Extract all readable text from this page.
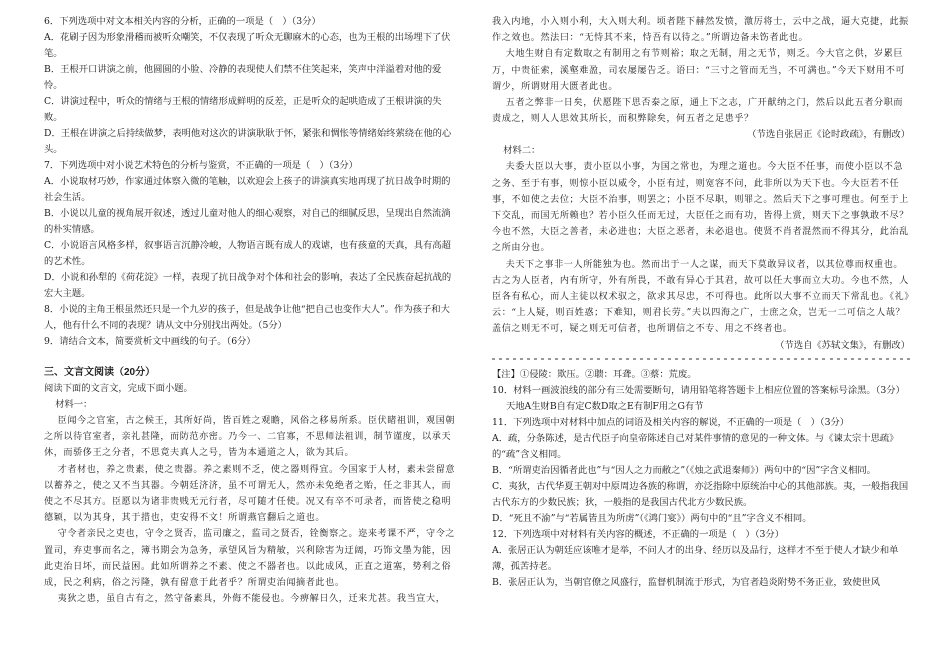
6．下列选项中对文本相关内容的分析，正确的一项是（　）（3分）

A．花刷子因为形象滑稽而被听众嘲笑，不仅表现了听众无聊麻木的心态，也为王根的出场埋下了伏笔。

B．王根开口讲演之前，他圆圆的小脸、冷静的表现使人们禁不住笑起来，笑声中洋溢着对他的爱怜。

C．讲演过程中，听众的情绪与王根的情绪形成鲜明的反差，正是听众的起哄造成了王根讲演的失败。

D．王根在讲演之后持续做梦，表明他对这次的讲演耿耿于怀，紧张和惆怅等情绪始终萦绕在他的心头。

7．下列选项中对小说艺术特色的分析与鉴赏，不正确的一项是（　）（3分）

A．小说取材巧妙，作家通过体察入微的笔触，以欢迎会上孩子的讲演真实地再现了抗日战争时期的社会生活。

B．小说以儿童的视角展开叙述，透过儿童对他人的细心观察，对自己的细腻反思，呈现出自然流淌的朴实情感。

C．小说语言风格多样，叙事语言沉静冷峻，人物语言既有成人的戏谑，也有孩童的天真，具有高超的艺术性。

D．小说和孙犁的《荷花淀》一样，表现了抗日战争对个体和社会的影响，表达了全民族奋起抗战的宏大主题。

8．小说的主角王根虽然还只是一个九岁的孩子，但是战争让他“把自己也变作大人”。作为孩子和大人，他有什么不同的表现？请从文中分别找出两处。（5分）

9．请结合文本，简要赏析文中画线的句子。（6分）

三、文言文阅读（20分）

阅读下面的文言文，完成下面小题。

材料一：

臣闻今之官室，古之候王，其所好尚，皆百姓之观瞻，风俗之移易所系。臣伏睹祖训，观国朝之所以待官室者，亲礼甚隆，而防范亦密。乃今一、二官寡，不思师法祖训，制节谨度，以承天休，而骄侈王之分者，不思竟夫真人之号，皆为本通道之人，欲为其后。

才者材也，养之贵素，使之贵器。养之素则不乏，使之器则得宜。今国家于人材，素未尝留意以蓄养之，使之又不当其器。今朝廷济济，虽不可谓无人，然亦未免绝者之贻，任之非其人，而使之不尽其方。臣愿以为诸非贵贱无元行者，尽可随才任使。况又有卒不可录者，而皆使之稳明德颖，以为其身，其于措也，吏安得不文！所谓燕官翻后之道也。

守令者亲民之吏也，守令之贤否，监司廉之，监司之贤否，铨衡察之。迩来考课不严，守令之置司，弃吏事而名之，簿书期会为急务，承望风旨为精敏，兴利除害为迂阔，巧饰文墨为能，因此吏治日坏，而民益困。此如所谓养之不素、使之不器者也。以此成风，正直之道塞，势利之俗成，民之利病，俗之污隆，孰有留意于此者乎？所谓吏治闻摘者此也。

夷狄之患，虽自古有之，然守备素具，外侮不能侵也。今痹解日久，迁来尤甚。我当宣大，

我入内地，小入则小利，大入则大利。顷者陛下赫然发愤，激厉将士，云中之战，逼大克捷，此振作之效也。然法曰：“无恃其不来，恃吾有以待之。”所谓边备未饬者此也。

大地生财自有定数取之有制用之有节则裕；取之无制，用之无节，则乏。今大官之供，岁累巨万，中贵征索，溪壑难盈，司农屡屡告乏。语曰：“三寸之管而无当，不可满也。”今天下财用不可谓少，所谓财用大匮者此也。

五者之弊非一日矣，伏愿陛下思否泰之原，通上下之志，广开献纳之门，然后以此五者分职而责成之，则人人思效其所长，而积弊除矣，何五者之足患乎？

（节选自张居正《论时政疏》，有删改）

材料二：

夫委大臣以大事，责小臣以小事，为国之常也，为理之道也。今大臣不任事，而使小臣以不急之务、至于有事，则惊小臣以威令，小臣有过，则宽容不问，此非所以为天下也。今大臣若不任事，不如使之去位；大臣不治事，则罢之；小臣不尽职，则罪之。然后天下之事可理也。何至于上下交乱，而国无所赖也？若小臣久任而无过，大臣任之而有功，皆得上赏，则天下之事孰敢不尽？今也不然，大臣之善者，未必进也；大臣之恶者，未必退也。使贤不肖者混然而不得其分，此治乱之所由分也。

夫天下之事非一人所能独为也。然而出于一人之谋，而天下莫敢异议者，以其位尊而权重也。古之为人臣者，内有所守，外有所畏，不敢有异心于其君，故可以任大事而立大功。今也不然，人臣各有私心，而人主徒以权术驭之，欲求其尽忠，不可得也。此所以大事不立而天下常乱也。《礼》云：“上人疑，则百姓惑；下难知，则君长劳。”夫以四海之广，士庶之众，岂无一二可信之人哉？盖信之则无不可，疑之则无可信者，也所谓信之不专、用之不终者也。

（节选自《苏轼文集》，有删改）

【注】①侵陵：欺压。②聩：耳聋。③蔡：荒废。

10．材料一画波浪线的部分有三处需要断句，请用铅笔将答题卡上相应位置的答案标号涂黑。（3分）

天地A生财B自有定C数D取之E有制F用之G有节

11．下列选项中对材料中加点的词语及相关内容的解说，不正确的一项是（　）（3分）

A．疏，分条陈述，是古代臣子向皇帝陈述自己对某件事情的意见的一种文体。与《谏太宗十思疏》的“疏”含义相同。

B．“所谓吏治因循者此也”与“因人之力而敝之”（《烛之武退秦师》）两句中的“因”字含义相同。

C．夷狄，古代华夏王朝对中原周边各族的称谓，亦泛指除中原统治中心的其他部族。夷，一般指我国古代东方的少数民族；狄，一般指的是我国古代北方少数民族。

D．“死且不渝”与“若属皆且为所虏”（《鸿门宴》）两句中的“且”字含义不相同。

12．下列选项中对材料有关内容的概述，不正确的一项是（　）（3分）

A．张居正认为朝廷应该唯才是举，不问人才的出身、经历以及品行，这样才不至于使人才缺少和单薄，孤苦持老。

B．张居正认为，当朝官僚之风盛行，监督机制流于形式，为官者趋炎附势不务正业，致使世风
